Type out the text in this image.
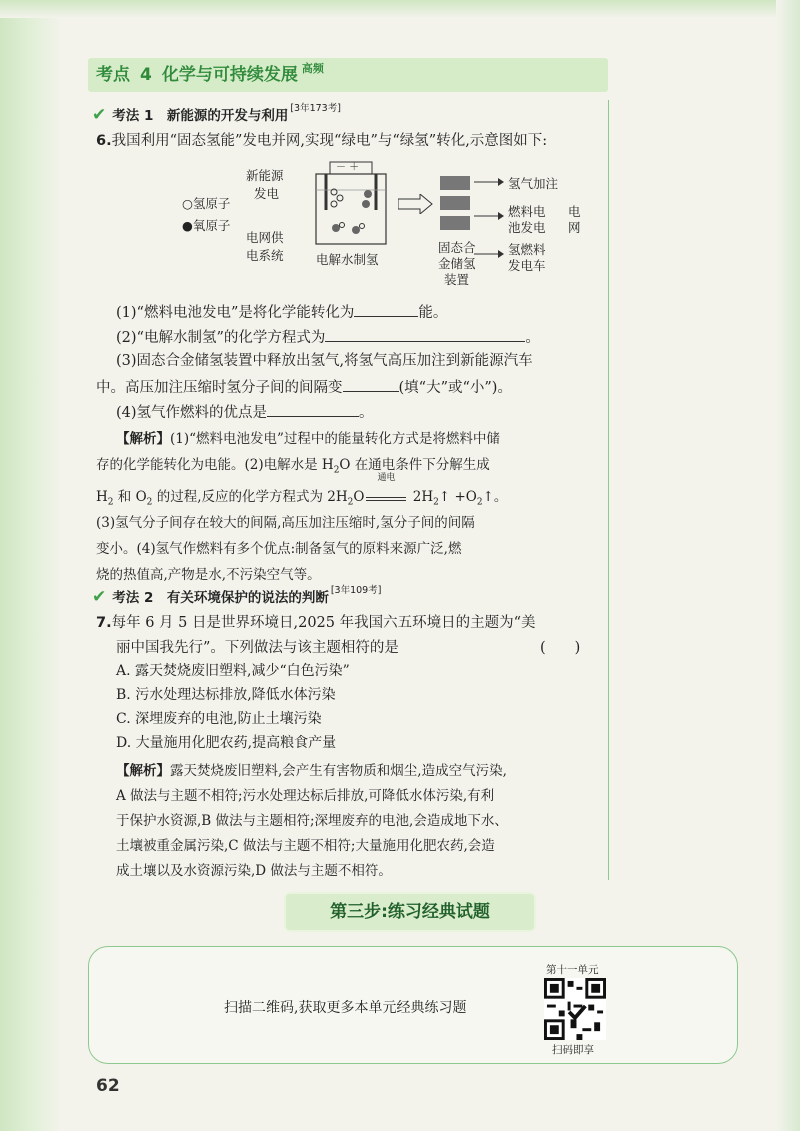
考点 4 化学与可持续发展 $^{高频}$
✔ 考法 1　新能源的开发与利用 [3年173考]
6.我国利用“固态氢能”发电并网,实现“绿电”与“绿氢”转化,示意图如下:
○氢原子
●氧原子
新能源
发电
电网供
电系统
－ ＋
电解水制氢
固态合
金储氢
装置
氢气加注
燃料电
池发电
电
网
氢燃料
发电车
(1)“燃料电池发电”是将化学能转化为	能。
(2)“电解水制氢”的化学方程式为	。
(3)固态合金储氢装置中释放出氢气,将氢气高压加注到新能源汽车
中。高压加注压缩时氢分子间的间隔变	(填“大”或“小”)。
(4)氢气作燃料的优点是	。
【解析】(1)“燃料电池发电”过程中的能量转化方式是将燃料中储
存的化学能转化为电能。(2)电解水是 $H_2O$ 在通电条件下分解生成
$H_2$ 和 $O_2$ 的过程,反应的化学方程式为 $2H_2O$
通电
$2H_2↑$ $+O_2↑$。
(3)氢气分子间存在较大的间隔,高压加注压缩时,氢分子间的间隔
变小。(4)氢气作燃料有多个优点:制备氢气的原料来源广泛,燃
烧的热值高,产物是水,不污染空气等。
✔ 考法 2　有关环境保护的说法的判断 [3年109考]
7.每年 6 月 5 日是世界环境日,2025 年我国六五环境日的主题为“美
丽中国我先行”。下列做法与该主题相符的是	(　　)
A. 露天焚烧废旧塑料,减少“白色污染”
B. 污水处理达标排放,降低水体污染
C. 深埋废弃的电池,防止土壤污染
D. 大量施用化肥农药,提高粮食产量
【解析】露天焚烧废旧塑料,会产生有害物质和烟尘,造成空气污染,
A 做法与主题不相符;污水处理达标后排放,可降低水体污染,有利
于保护水资源,B 做法与主题相符;深埋废弃的电池,会造成地下水、
土壤被重金属污染,C 做法与主题不相符;大量施用化肥农药,会造
成土壤以及水资源污染,D 做法与主题不相符。
第三步:练习经典试题
扫描二维码,获取更多本单元经典练习题
第十一单元
扫码即享
62
